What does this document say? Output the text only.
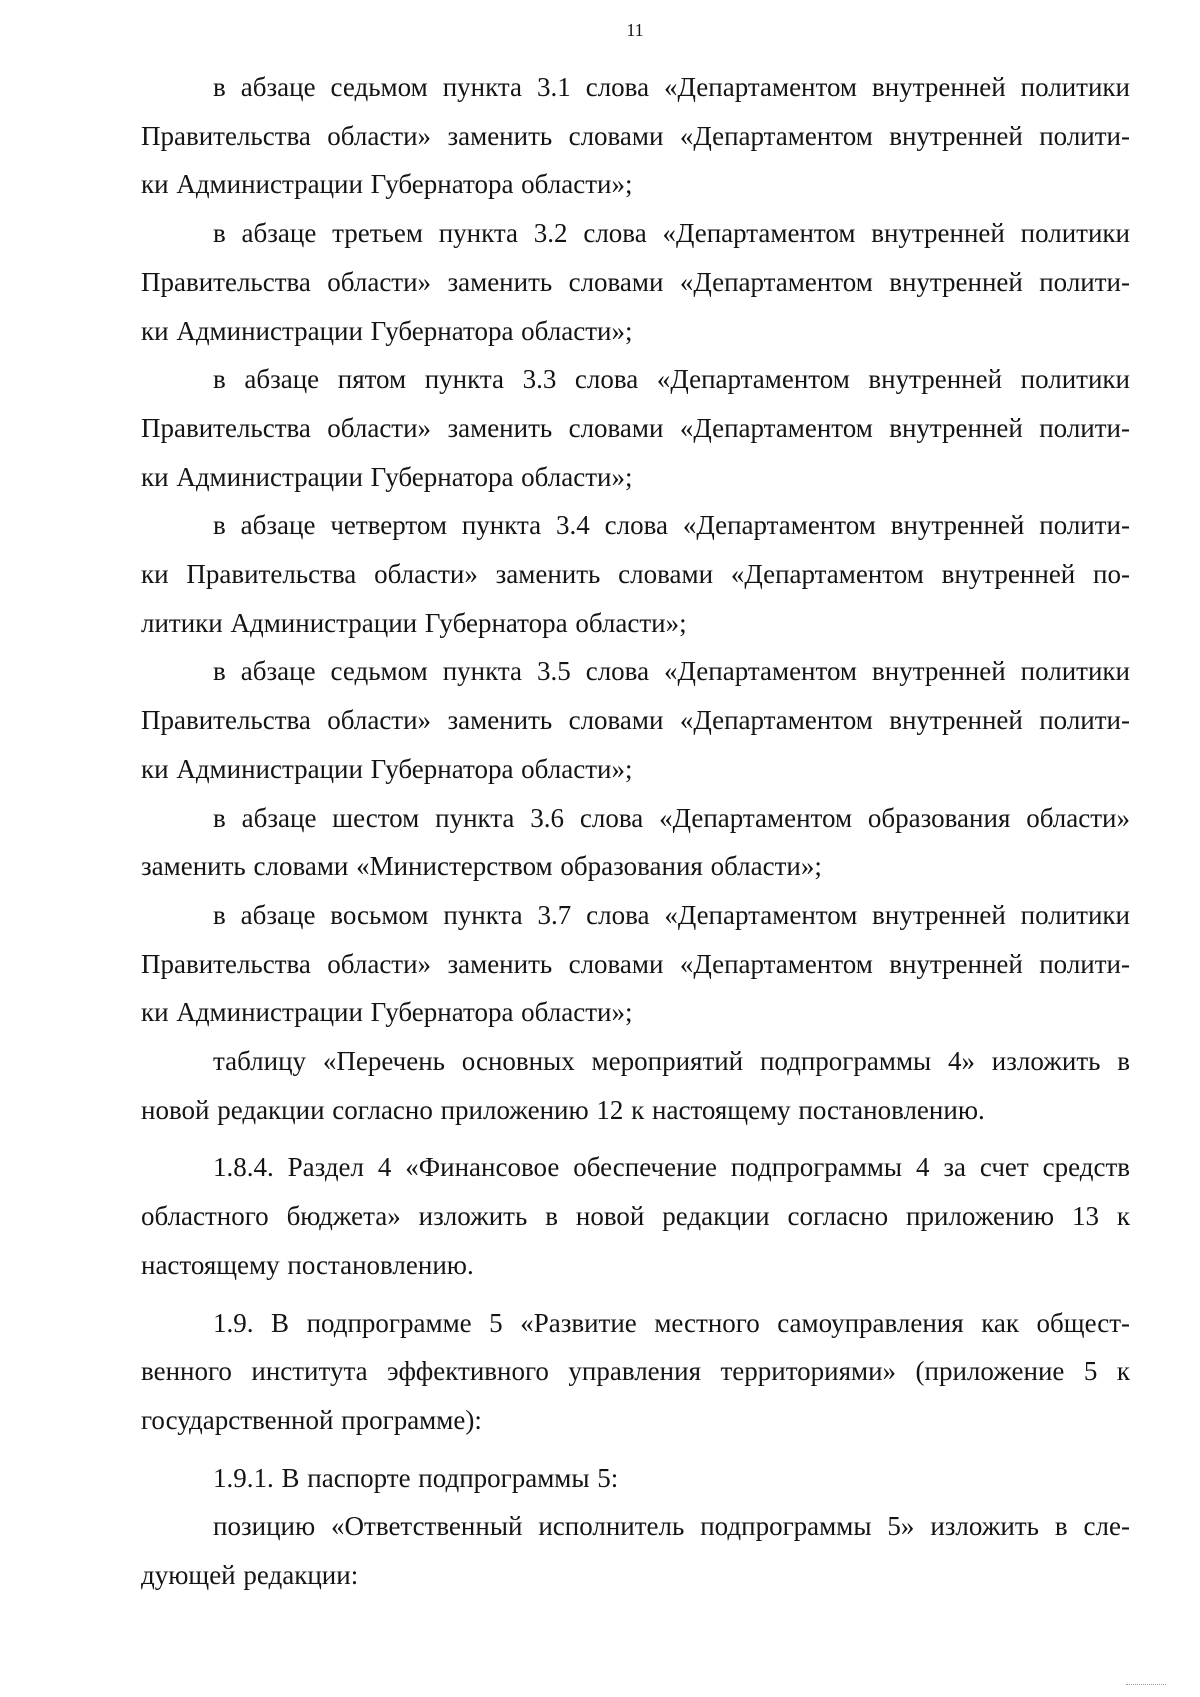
11

в абзаце седьмом пункта 3.1 слова «Департаментом внутренней политики
Правительства области» заменить словами «Департаментом внутренней полити-
ки Администрации Губернатора области»;

в абзаце третьем пункта 3.2 слова «Департаментом внутренней политики
Правительства области» заменить словами «Департаментом внутренней полити-
ки Администрации Губернатора области»;

в абзаце пятом пункта 3.3 слова «Департаментом внутренней политики
Правительства области» заменить словами «Департаментом внутренней полити-
ки Администрации Губернатора области»;

в абзаце четвертом пункта 3.4 слова «Департаментом внутренней полити-
ки Правительства области» заменить словами «Департаментом внутренней по-
литики Администрации Губернатора области»;

в абзаце седьмом пункта 3.5 слова «Департаментом внутренней политики
Правительства области» заменить словами «Департаментом внутренней полити-
ки Администрации Губернатора области»;

в абзаце шестом пункта 3.6 слова «Департаментом образования области»
заменить словами «Министерством образования области»;

в абзаце восьмом пункта 3.7 слова «Департаментом внутренней политики
Правительства области» заменить словами «Департаментом внутренней полити-
ки Администрации Губернатора области»;

таблицу «Перечень основных мероприятий подпрограммы 4» изложить в
новой редакции согласно приложению 12 к настоящему постановлению.

1.8.4. Раздел 4 «Финансовое обеспечение подпрограммы 4 за счет средств
областного бюджета» изложить в новой редакции согласно приложению 13 к
настоящему постановлению.

1.9. В подпрограмме 5 «Развитие местного самоуправления как общест-
венного института эффективного управления территориями» (приложение 5 к
государственной программе):

1.9.1. В паспорте подпрограммы 5:

позицию «Ответственный исполнитель подпрограммы 5» изложить в сле-
дующей редакции:
